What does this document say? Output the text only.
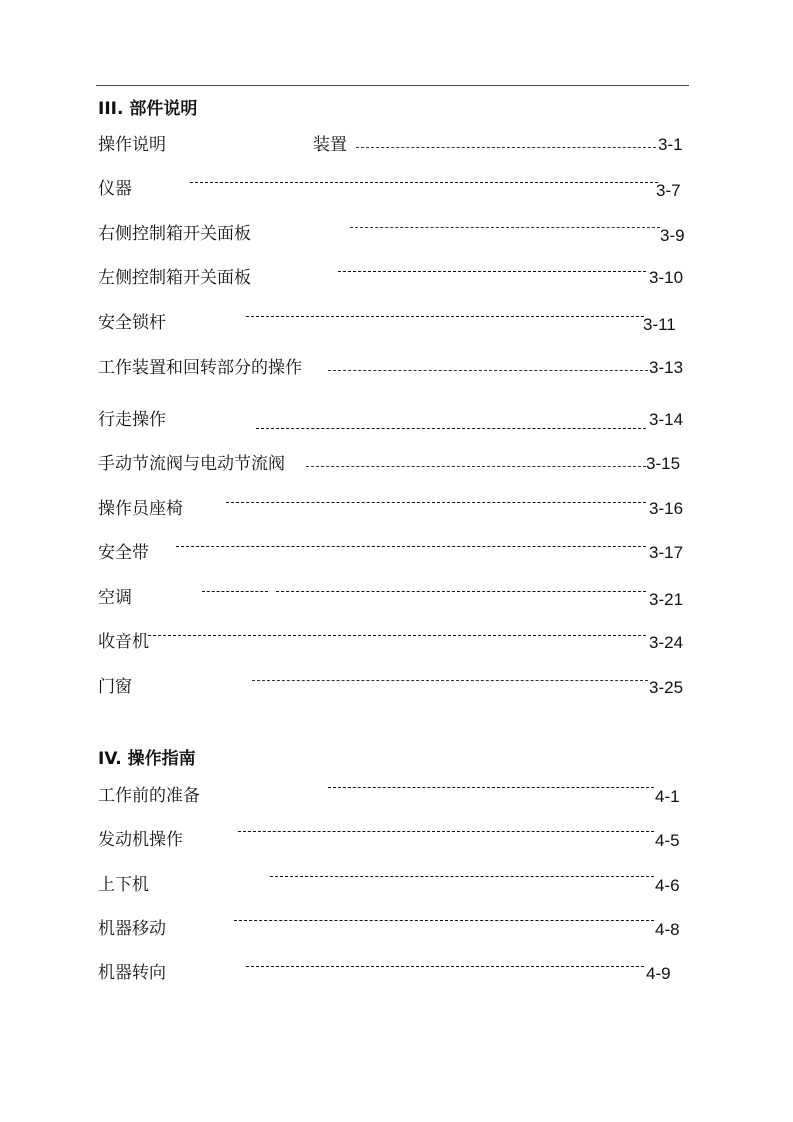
III. 部件说明
操作说明	装置	3-1
仪器	3-7
右侧控制箱开关面板	3-9
左侧控制箱开关面板	3-10
安全锁杆	3-11
工作装置和回转部分的操作	3-13
行走操作	3-14
手动节流阀与电动节流阀	3-15
操作员座椅	3-16
安全带	3-17
空调	3-21
收音机	3-24
门窗	3-25
IV. 操作指南
工作前的准备	4-1
发动机操作	4-5
上下机	4-6
机器移动	4-8
机器转向	4-9
